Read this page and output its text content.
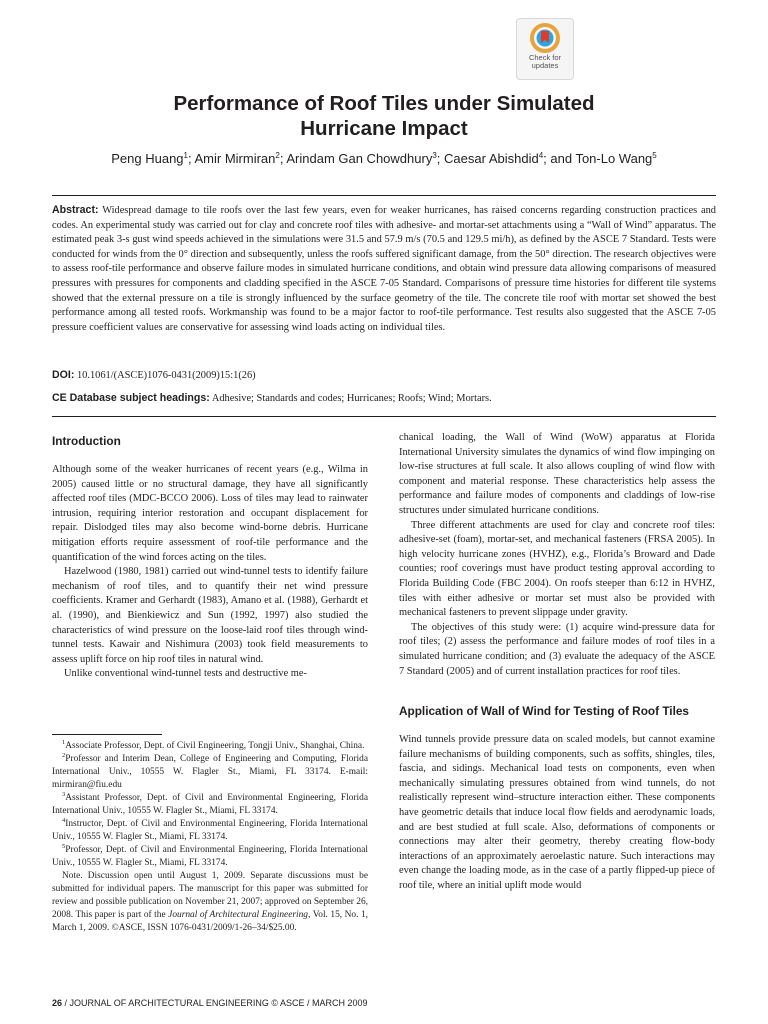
Check for
updates
Performance of Roof Tiles under Simulated
Hurricane Impact
Peng Huang$^1$; Amir Mirmiran$^2$; Arindam Gan Chowdhury$^3$; Caesar Abishdid$^4$; and Ton-Lo Wang$^5$
Abstract: Widespread damage to tile roofs over the last few years, even for weaker hurricanes, has raised concerns regarding construction practices and codes. An experimental study was carried out for clay and concrete roof tiles with adhesive- and mortar-set attachments using a “Wall of Wind” apparatus. The estimated peak 3-s gust wind speeds achieved in the simulations were 31.5 and 57.9 m/s (70.5 and 129.5 mi/h), as defined by the ASCE 7 Standard. Tests were conducted for winds from the 0° direction and subsequently, unless the roofs suffered significant damage, from the 50° direction. The research objectives were to assess roof-tile performance and observe failure modes in simulated hurricane conditions, and obtain wind pressure data allowing comparisons of measured pressures with pressures for components and cladding specified in the ASCE 7-05 Standard. Comparisons of pressure time histories for different tile systems showed that the external pressure on a tile is strongly influenced by the surface geometry of the tile. The concrete tile roof with mortar set showed the best performance among all tested roofs. Workmanship was found to be a major factor to roof-tile performance. Test results also suggested that the ASCE 7-05 pressure coefficient values are conservative for assessing wind loads acting on individual tiles.
DOI: 10.1061/(ASCE)1076-0431(2009)15:1(26)
CE Database subject headings: Adhesive; Standards and codes; Hurricanes; Roofs; Wind; Mortars.
Introduction

Although some of the weaker hurricanes of recent years (e.g., Wilma in 2005) caused little or no structural damage, they have all significantly affected roof tiles (MDC-BCCO 2006). Loss of tiles may lead to rainwater intrusion, requiring interior restoration and occupant displacement for repair. Dislodged tiles may also become wind-borne debris. Hurricane mitigation efforts require assessment of roof-tile performance and the quantification of the wind forces acting on the tiles.

Hazelwood (1980, 1981) carried out wind-tunnel tests to identify failure mechanism of roof tiles, and to quantify their net wind pressure coefficients. Kramer and Gerhardt (1983), Amano et al. (1988), Gerhardt et al. (1990), and Bienkiewicz and Sun (1992, 1997) also studied the characteristics of wind pressure on the loose-laid roof tiles through wind-tunnel tests. Kawair and Nishimura (2003) took field measurements to assess uplift force on hip roof tiles in natural wind.

Unlike conventional wind-tunnel tests and destructive me-

$^1$Associate Professor, Dept. of Civil Engineering, Tongji Univ., Shanghai, China.

$^2$Professor and Interim Dean, College of Engineering and Computing, Florida International Univ., 10555 W. Flagler St., Miami, FL 33174. E-mail: mirmiran@fiu.edu

$^3$Assistant Professor, Dept. of Civil and Environmental Engineering, Florida International Univ., 10555 W. Flagler St., Miami, FL 33174.

$^4$Instructor, Dept. of Civil and Environmental Engineering, Florida International Univ., 10555 W. Flagler St., Miami, FL 33174.

$^5$Professor, Dept. of Civil and Environmental Engineering, Florida International Univ., 10555 W. Flagler St., Miami, FL 33174.

Note. Discussion open until August 1, 2009. Separate discussions must be submitted for individual papers. The manuscript for this paper was submitted for review and possible publication on November 21, 2007; approved on September 26, 2008. This paper is part of the Journal of Architectural Engineering, Vol. 15, No. 1, March 1, 2009. ©ASCE, ISSN 1076-0431/2009/1-26–34/$25.00.

chanical loading, the Wall of Wind (WoW) apparatus at Florida International University simulates the dynamics of wind flow impinging on low-rise structures at full scale. It also allows coupling of wind flow with component and material response. These characteristics help assess the performance and failure modes of components and claddings of low-rise structures under simulated hurricane conditions.

Three different attachments are used for clay and concrete roof tiles: adhesive-set (foam), mortar-set, and mechanical fasteners (FRSA 2005). In high velocity hurricane zones (HVHZ), e.g., Florida’s Broward and Dade counties; roof coverings must have product testing approval according to Florida Building Code (FBC 2004). On roofs steeper than 6:12 in HVHZ, tiles with either adhesive or mortar set must also be provided with mechanical fasteners to prevent slippage under gravity.

The objectives of this study were: (1) acquire wind-pressure data for roof tiles; (2) assess the performance and failure modes of roof tiles in a simulated hurricane condition; and (3) evaluate the adequacy of the ASCE 7 Standard (2005) and of current installation practices for roof tiles.

Application of Wall of Wind for Testing of Roof Tiles

Wind tunnels provide pressure data on scaled models, but cannot examine failure mechanisms of building components, such as soffits, shingles, tiles, fascia, and sidings. Mechanical load tests on components, even when mechanically simulating pressures obtained from wind tunnels, do not realistically represent wind–structure interaction either. These components have geometric details that induce local flow fields and aerodynamic loads, and are best studied at full scale. Also, deformations of components or connections may alter their geometry, thereby creating flow-body interactions of an approximately aeroelastic nature. Such interactions may even change the loading mode, as in the case of a partly flipped-up piece of roof tile, where an initial uplift mode would

26 / JOURNAL OF ARCHITECTURAL ENGINEERING © ASCE / MARCH 2009
